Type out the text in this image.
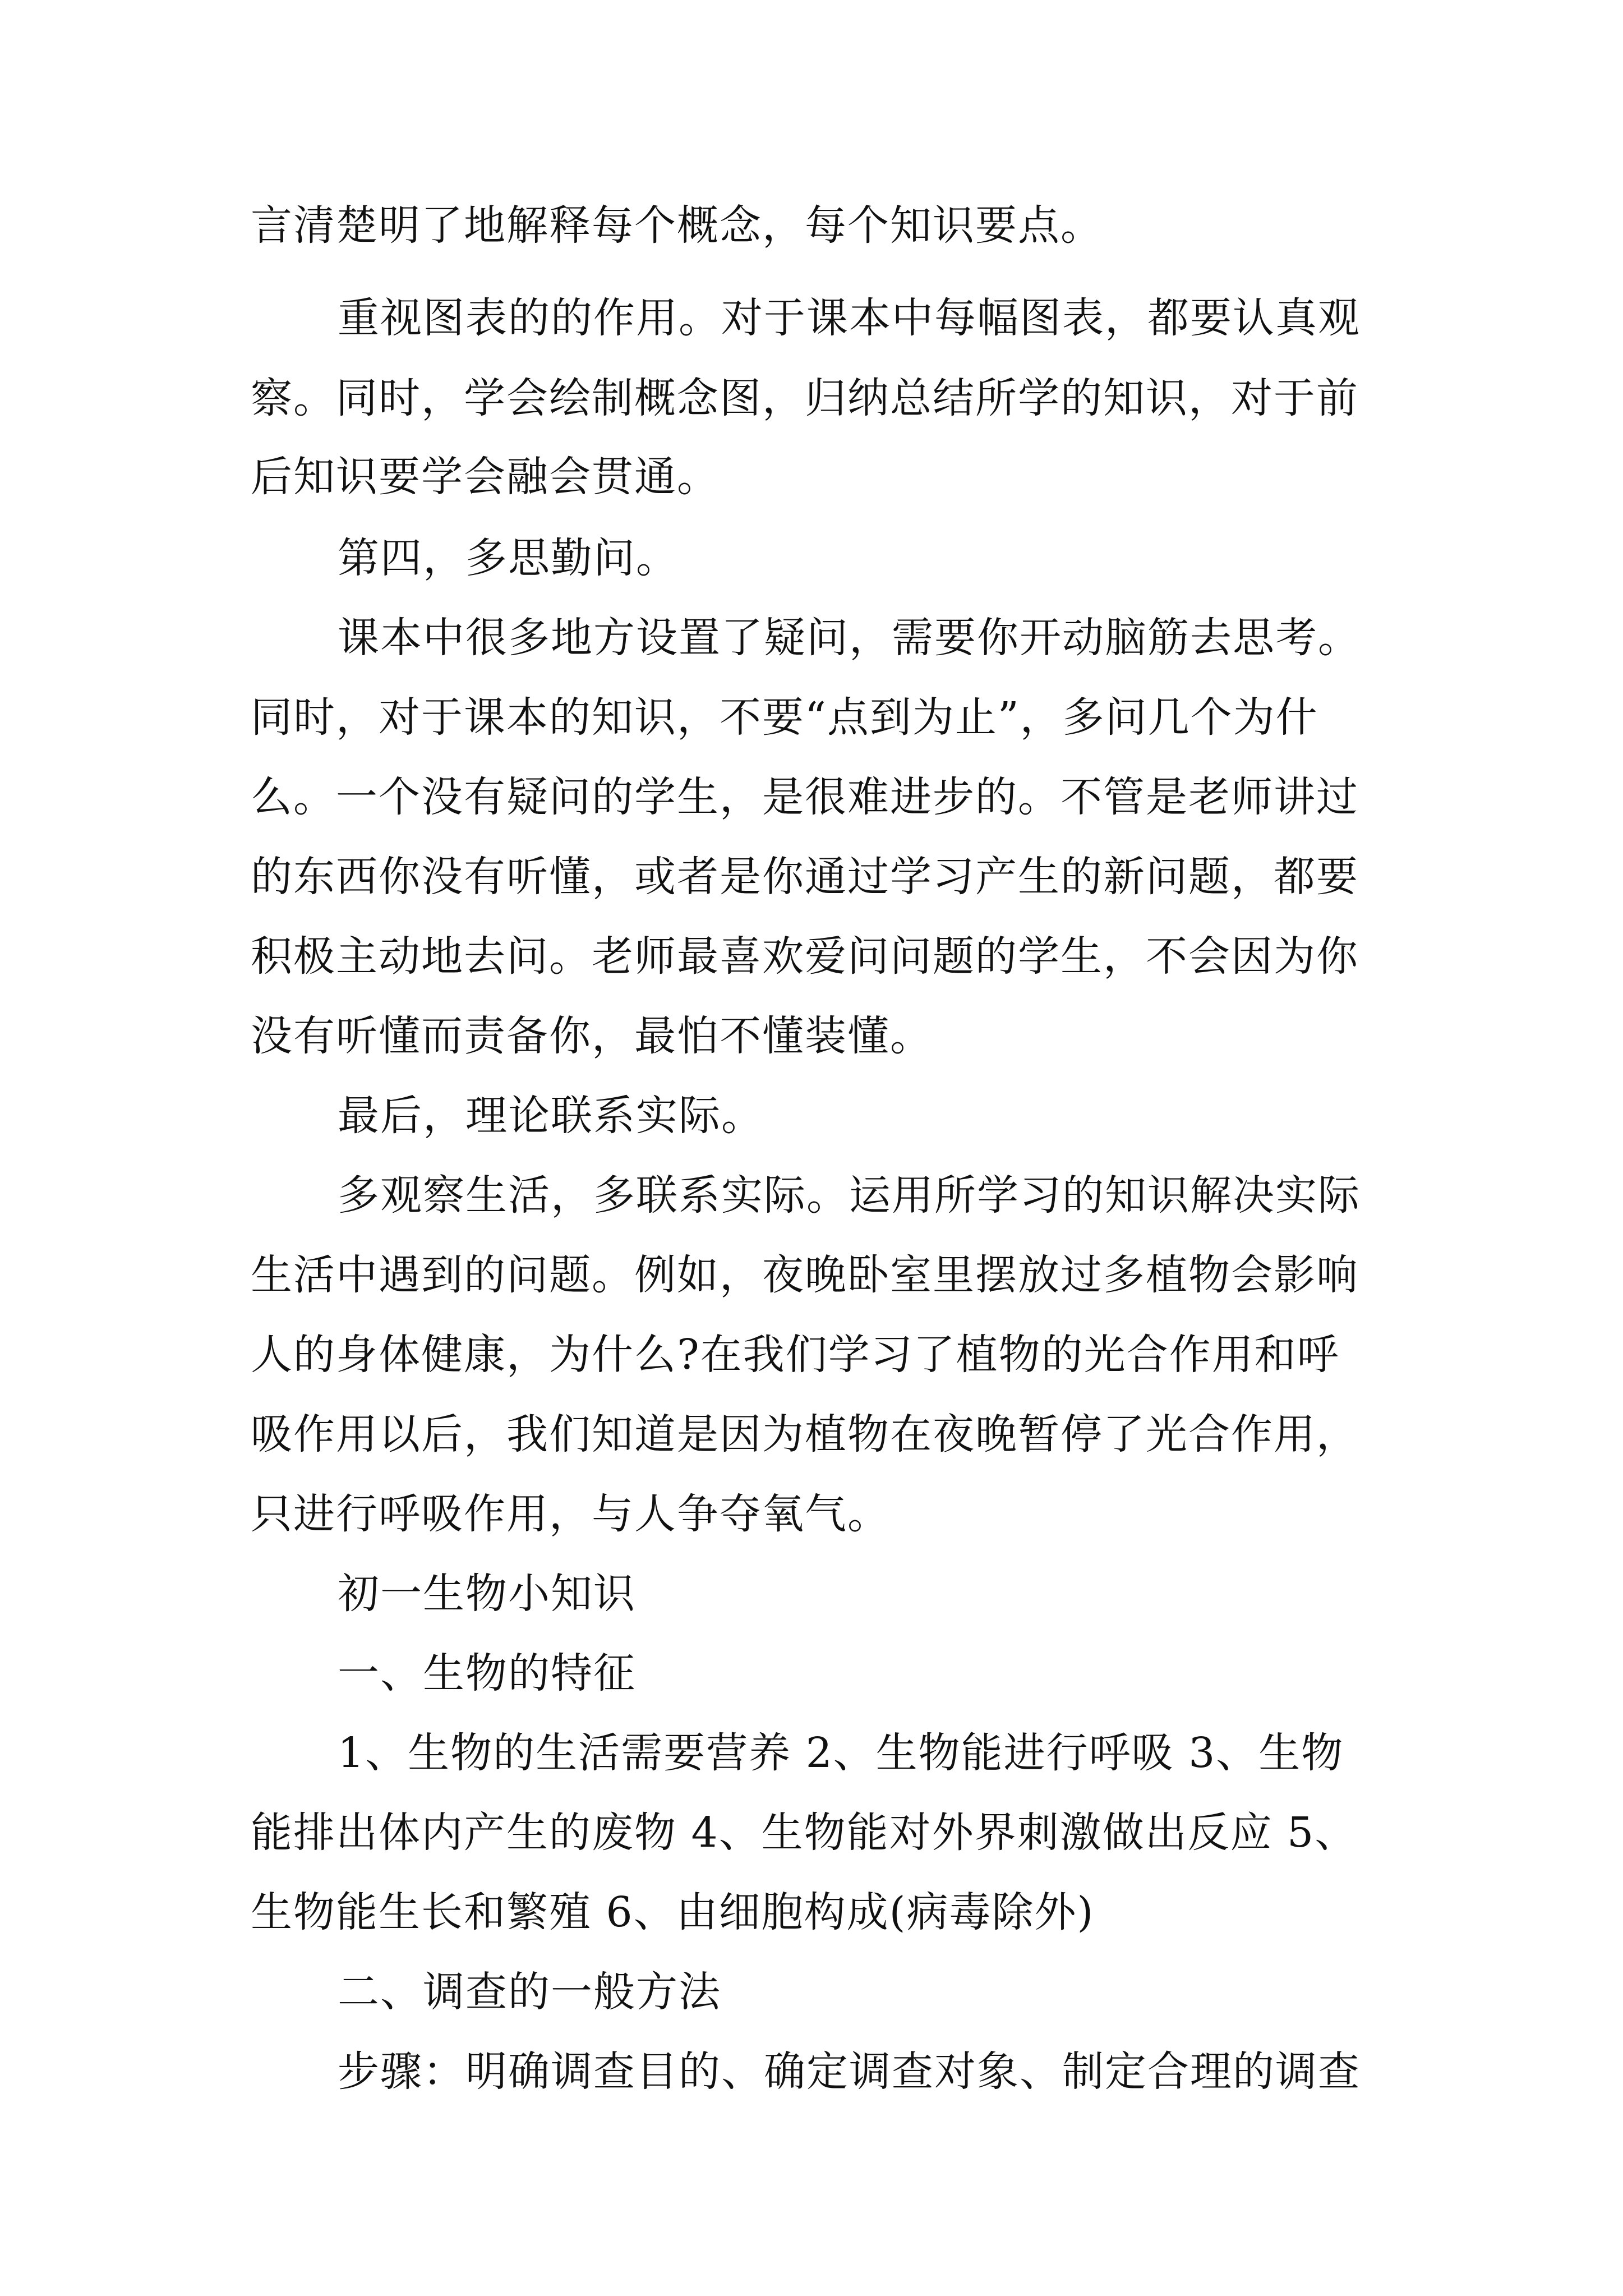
言清楚明了地解释每个概念，每个知识要点。
重视图表的的作用。对于课本中每幅图表，都要认真观
察。同时，学会绘制概念图，归纳总结所学的知识，对于前
后知识要学会融会贯通。
第四，多思勤问。
课本中很多地方设置了疑问，需要你开动脑筋去思考。
同时，对于课本的知识，不要“点到为止”，多问几个为什
么。一个没有疑问的学生，是很难进步的。不管是老师讲过
的东西你没有听懂，或者是你通过学习产生的新问题，都要
积极主动地去问。老师最喜欢爱问问题的学生，不会因为你
没有听懂而责备你，最怕不懂装懂。
最后，理论联系实际。
多观察生活，多联系实际。运用所学习的知识解决实际
生活中遇到的问题。例如，夜晚卧室里摆放过多植物会影响
人的身体健康，为什么?在我们学习了植物的光合作用和呼
吸作用以后，我们知道是因为植物在夜晚暂停了光合作用，
只进行呼吸作用，与人争夺氧气。
初一生物小知识
一、生物的特征
1、生物的生活需要营养 2、生物能进行呼吸 3、生物
能排出体内产生的废物 4、生物能对外界刺激做出反应 5、
生物能生长和繁殖 6、由细胞构成(病毒除外)
二、调查的一般方法
步骤：明确调查目的、确定调查对象、制定合理的调查
